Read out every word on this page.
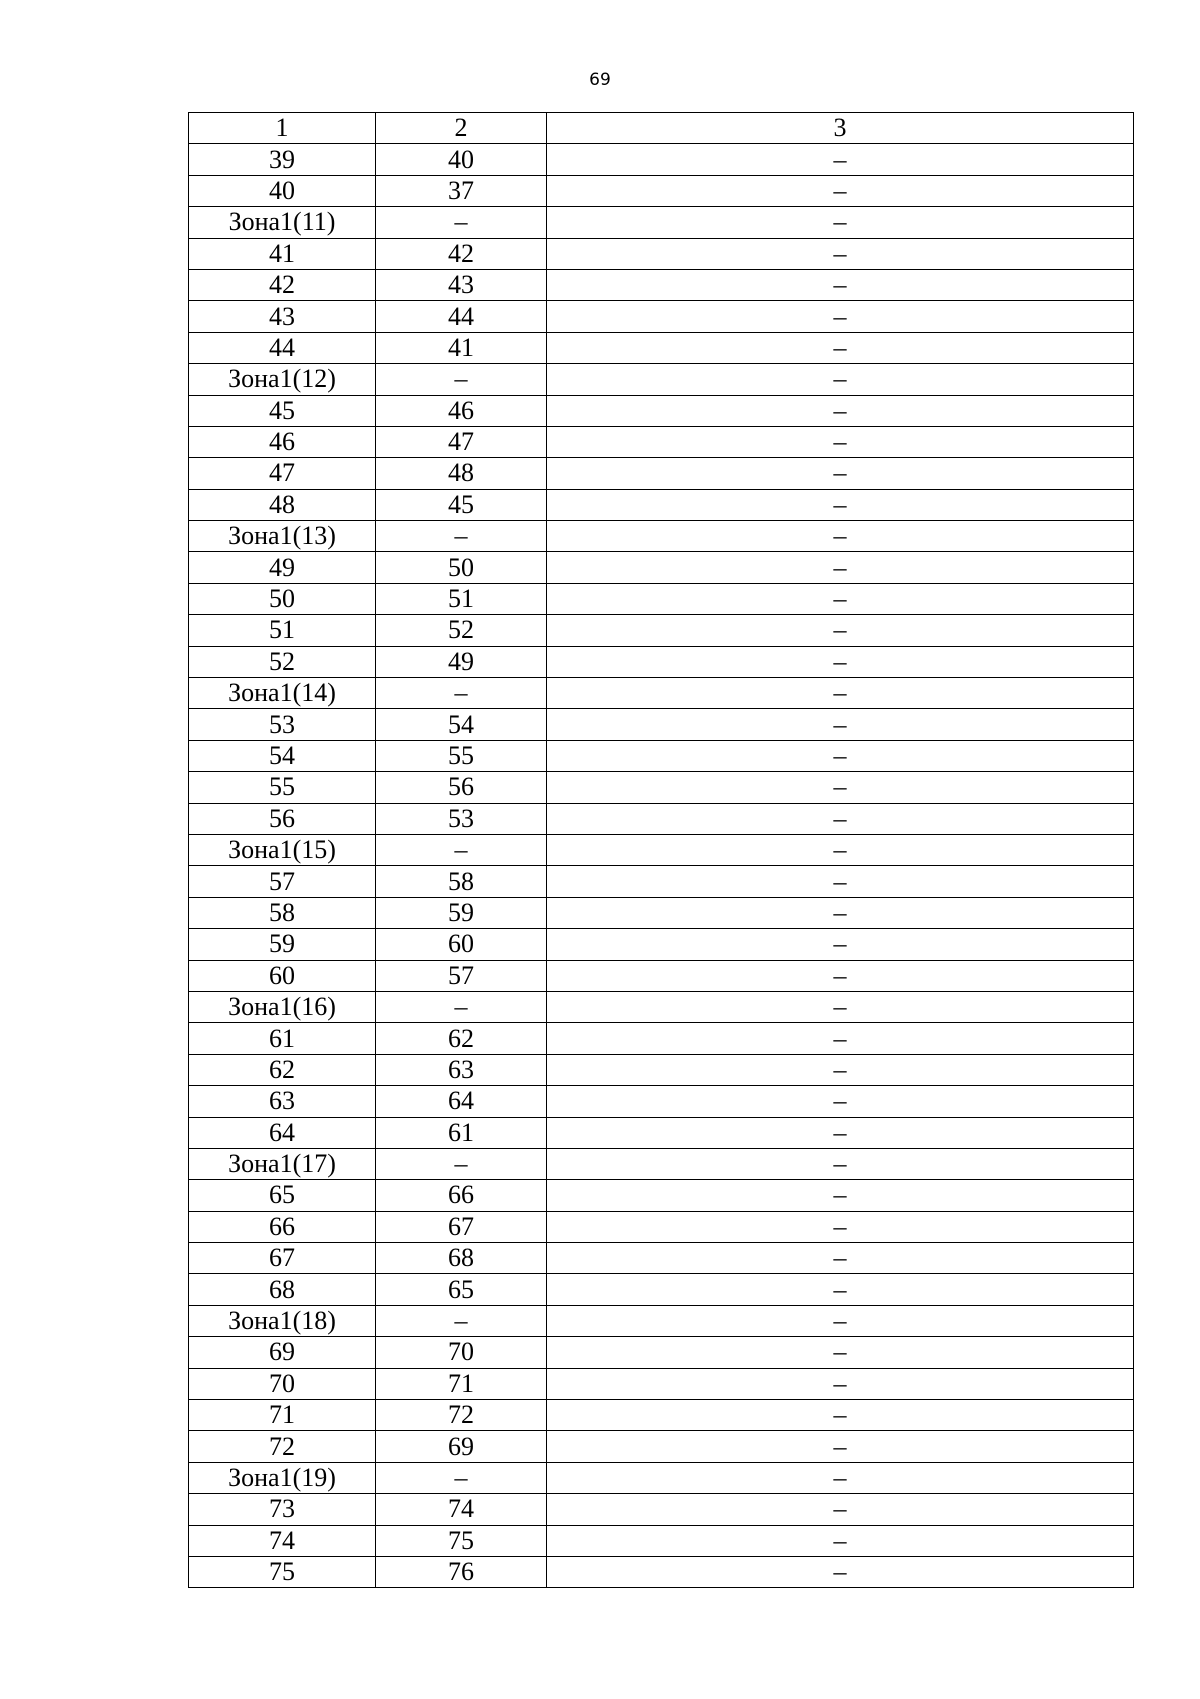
69
1	2	3
39	40	–
40	37	–
Зона1(11)	–	–
41	42	–
42	43	–
43	44	–
44	41	–
Зона1(12)	–	–
45	46	–
46	47	–
47	48	–
48	45	–
Зона1(13)	–	–
49	50	–
50	51	–
51	52	–
52	49	–
Зона1(14)	–	–
53	54	–
54	55	–
55	56	–
56	53	–
Зона1(15)	–	–
57	58	–
58	59	–
59	60	–
60	57	–
Зона1(16)	–	–
61	62	–
62	63	–
63	64	–
64	61	–
Зона1(17)	–	–
65	66	–
66	67	–
67	68	–
68	65	–
Зона1(18)	–	–
69	70	–
70	71	–
71	72	–
72	69	–
Зона1(19)	–	–
73	74	–
74	75	–
75	76	–
